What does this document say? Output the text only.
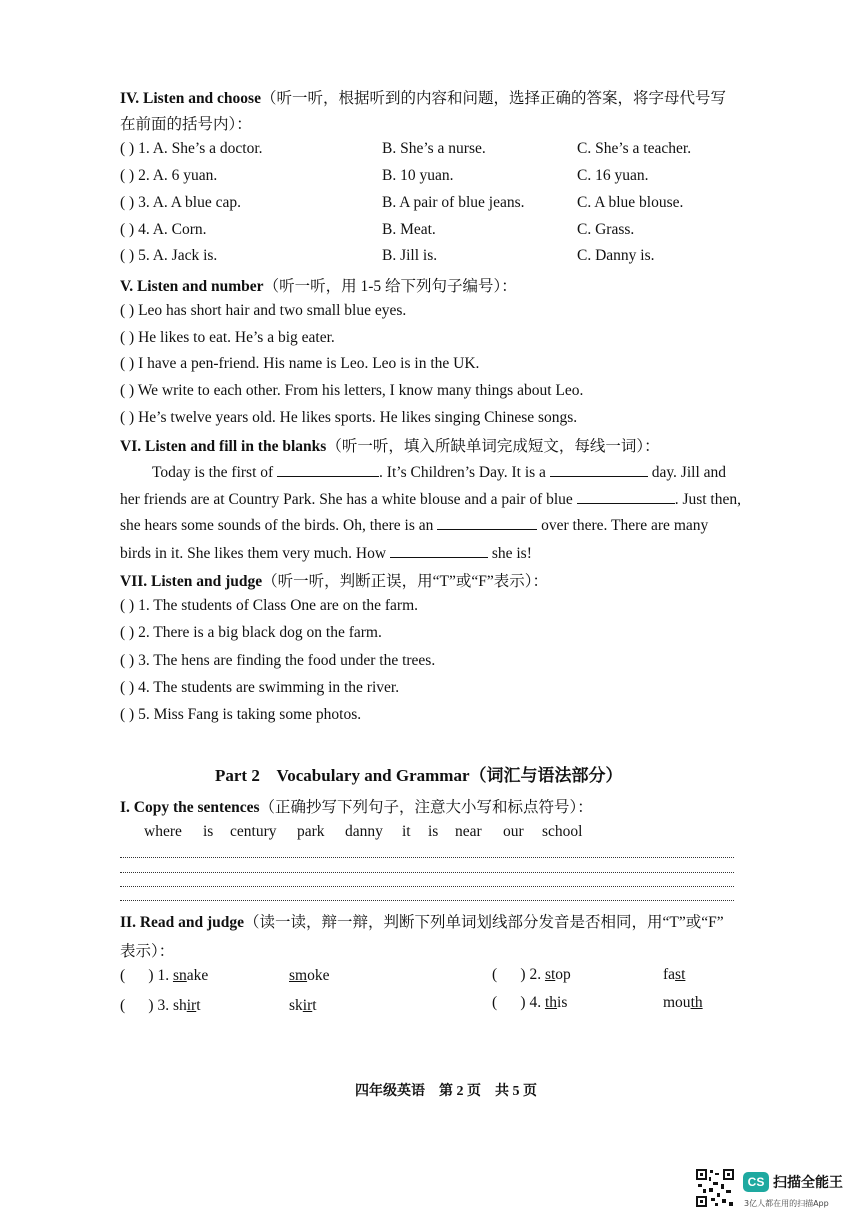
IV. Listen and choose（听一听，根据听到的内容和问题，选择正确的答案，将字母代号写
在前面的括号内）：
( ) 1. A. She’s a doctor.	B. She’s a nurse.	C. She’s a teacher.
( ) 2. A. 6 yuan.	B. 10 yuan.	C. 16 yuan.
( ) 3. A. A blue cap.	B. A pair of blue jeans.	C. A blue blouse.
( ) 4. A. Corn.	B. Meat.	C. Grass.
( ) 5. A. Jack is.	B. Jill is.	C. Danny is.
V. Listen and number（听一听，用 1-5 给下列句子编号）：
( ) Leo has short hair and two small blue eyes.
( ) He likes to eat. He’s a big eater.
( ) I have a pen-friend. His name is Leo. Leo is in the UK.
( ) We write to each other. From his letters, I know many things about Leo.
( ) He’s twelve years old. He likes sports. He likes singing Chinese songs.
VI. Listen and fill in the blanks（听一听，填入所缺单词完成短文，每线一词）：
Today is the first of	. It’s Children’s Day. It is a	day. Jill and
her friends are at Country Park. She has a white blouse and a pair of blue	. Just then,
she hears some sounds of the birds. Oh, there is an	over there. There are many
birds in it. She likes them very much. How	she is!
VII. Listen and judge（听一听，判断正误，用“T”或“F”表示）：
( ) 1. The students of Class One are on the farm.
( ) 2. There is a big black dog on the farm.
( ) 3. The hens are finding the food under the trees.
( ) 4. The students are swimming in the river.
( ) 5. Miss Fang is taking some photos.
Part 2    Vocabulary and Grammar（词汇与语法部分）
I. Copy the sentences（正确抄写下列句子，注意大小写和标点符号）：
where is century park danny it is near our school
II. Read and judge（读一读，辩一辩，判断下列单词划线部分发音是否相同，用“T”或“F”
表示）：
(      ) 1. snake	smoke	(      ) 2. stop	fast
(      ) 3. shirt	skirt	(      ) 4. this	mouth
四年级英语    第 2 页    共 5 页
CS 扫描全能王
3亿人都在用的扫描App
